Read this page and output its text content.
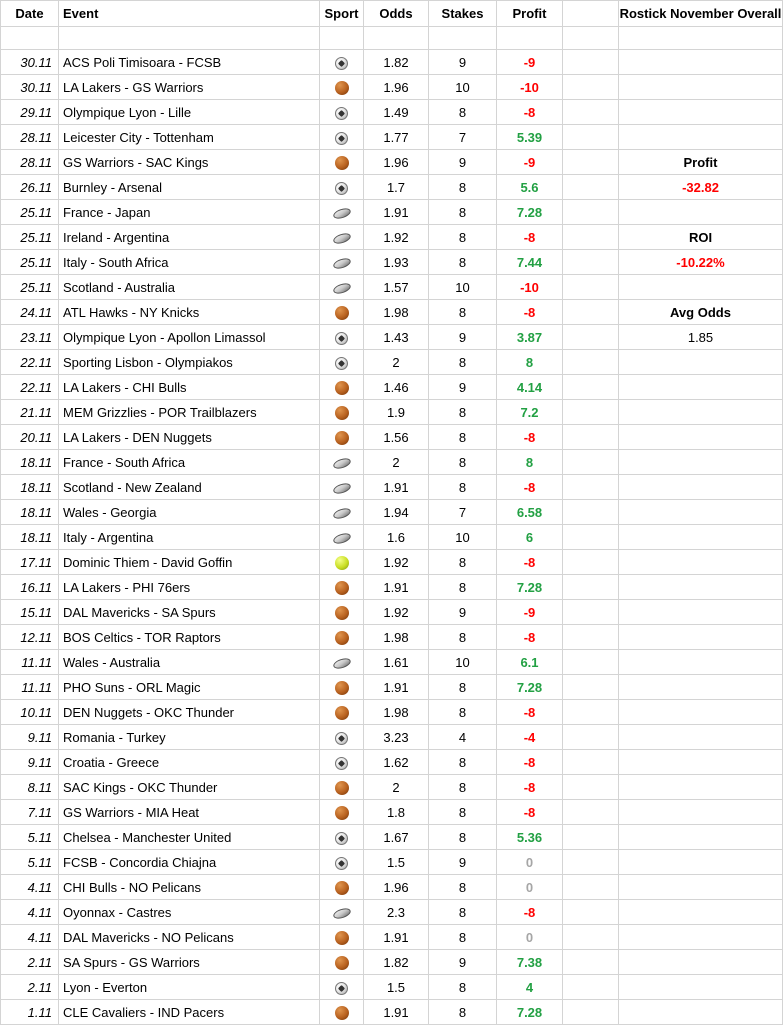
Date	Event	Sport	Odds	Stakes	Profit		Rostick November Overall

30.11	ACS Poli Timisoara - FCSB		1.82	9	-9		
30.11	LA Lakers - GS Warriors		1.96	10	-10		
29.11	Olympique Lyon - Lille		1.49	8	-8		
28.11	Leicester City - Tottenham		1.77	7	5.39		
28.11	GS Warriors - SAC Kings		1.96	9	-9		Profit
26.11	Burnley - Arsenal		1.7	8	5.6		-32.82
25.11	France - Japan		1.91	8	7.28		
25.11	Ireland - Argentina		1.92	8	-8		ROI
25.11	Italy - South Africa		1.93	8	7.44		-10.22%
25.11	Scotland - Australia		1.57	10	-10		
24.11	ATL Hawks - NY Knicks		1.98	8	-8		Avg Odds
23.11	Olympique Lyon - Apollon Limassol		1.43	9	3.87		1.85
22.11	Sporting Lisbon - Olympiakos		2	8	8		
22.11	LA Lakers - CHI Bulls		1.46	9	4.14		
21.11	MEM Grizzlies - POR Trailblazers		1.9	8	7.2		
20.11	LA Lakers - DEN Nuggets		1.56	8	-8		
18.11	France - South Africa		2	8	8		
18.11	Scotland - New Zealand		1.91	8	-8		
18.11	Wales - Georgia		1.94	7	6.58		
18.11	Italy - Argentina		1.6	10	6		
17.11	Dominic Thiem - David Goffin		1.92	8	-8		
16.11	LA Lakers - PHI 76ers		1.91	8	7.28		
15.11	DAL Mavericks - SA Spurs		1.92	9	-9		
12.11	BOS Celtics - TOR Raptors		1.98	8	-8		
11.11	Wales - Australia		1.61	10	6.1		
11.11	PHO Suns - ORL Magic		1.91	8	7.28		
10.11	DEN Nuggets - OKC Thunder		1.98	8	-8		
9.11	Romania - Turkey		3.23	4	-4		
9.11	Croatia - Greece		1.62	8	-8		
8.11	SAC Kings - OKC Thunder		2	8	-8		
7.11	GS Warriors - MIA Heat		1.8	8	-8		
5.11	Chelsea - Manchester United		1.67	8	5.36		
5.11	FCSB - Concordia Chiajna		1.5	9	0		
4.11	CHI Bulls - NO Pelicans		1.96	8	0		
4.11	Oyonnax - Castres		2.3	8	-8		
4.11	DAL Mavericks - NO Pelicans		1.91	8	0		
2.11	SA Spurs - GS Warriors		1.82	9	7.38		
2.11	Lyon - Everton		1.5	8	4		
1.11	CLE Cavaliers - IND Pacers		1.91	8	7.28		
